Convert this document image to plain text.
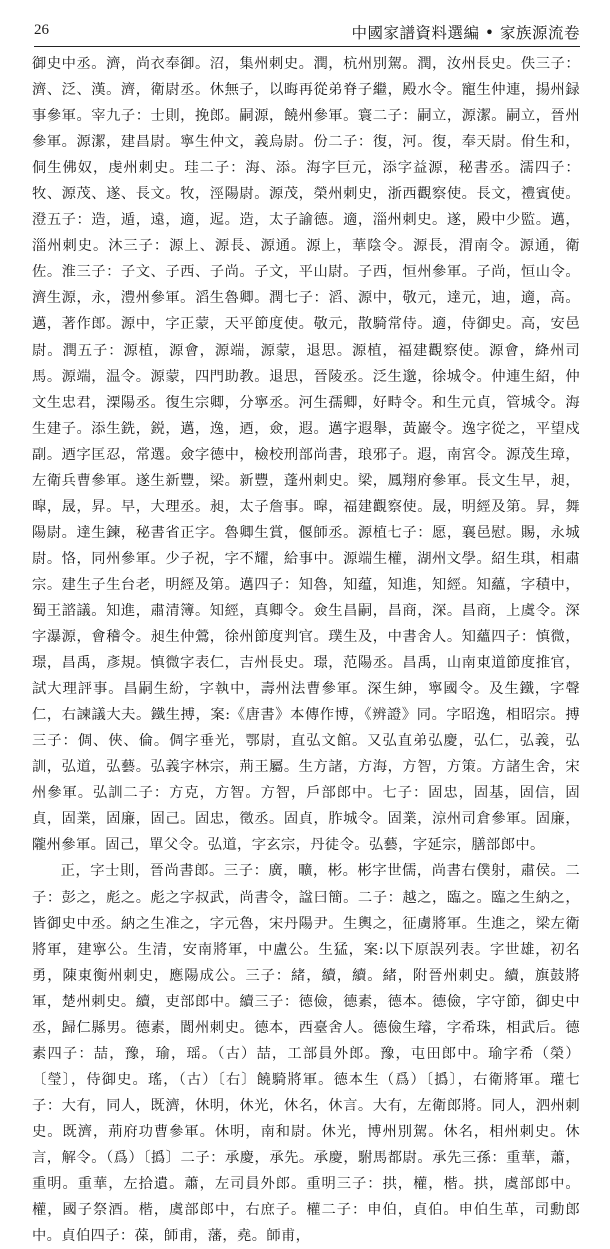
26	中國家譜資料選編 • 家族源流卷

御史中丞。濟，尚衣奉御。沼，集州刺史。潤，杭州別駕。潤，汝州長史。佚三子：濟、泛、漢。濟，衛尉丞。休無子，以晦再從弟脊子繼，殿水令。寵生仲連，揚州録事參軍。宰九子：士則，挽郎。嗣源，饒州參軍。寰二子：嗣立，源潔。嗣立，晉州參軍。源潔，建昌尉。寧生仲文，義烏尉。份二子：復，河。復，奉天尉。佾生和，侗生佛奴，虔州刺史。珪二子：海、添。海字巨元，添字益源，秘書丞。濡四子：牧、源茂、遂、長文。牧，涇陽尉。源茂，榮州刺史，浙西觀察使。長文，禮賓使。澄五子：造，遁，遠，適，迡。造，太子諭德。適，淄州刺史。遂，殿中少監。邁，淄州刺史。沐三子：源上、源長、源通。源上，華陰令。源長，渭南令。源通，衛佐。淮三子：子文、子西、子尚。子文，平山尉。子西，恒州參軍。子尚，恒山令。濟生源，永，澧州參軍。滔生魯卿。潤七子：滔、源中，敬元，達元，迪，適，高。邁，著作郎。源中，字正蒙，天平節度使。敬元，散騎常侍。適，侍御史。高，安邑尉。潤五子：源植，源會，源端，源蒙，退思。源植，福建觀察使。源會，絳州司馬。源端，温令。源蒙，四門助教。退思，晉陵丞。泛生邈，徐城令。仲連生紹，仲文生忠君，溧陽丞。復生宗卿，分寧丞。河生孺卿，好畤令。和生元貞，管城令。海生建子。添生銑，鋭，邁，逸，迺，僉，遐。邁字遐舉，黃巖令。逸字從之，平望戍副。迺字匡忍，常選。僉字德中，檢校刑部尚書，琅邪子。遐，南宮令。源茂生璋，左衛兵曹參軍。遂生新豐，梁。新豐，蓬州刺史。梁，鳳翔府參軍。長文生早，昶，暭，晟，昇。早，大理丞。昶，太子詹事。暭，福建觀察使。晟，明經及第。昇，舞陽尉。達生鍊，秘書省正字。魯卿生賞，偃師丞。源植七子：愿，襄邑慰。賜，永城尉。恪，同州參軍。少子祝，字不耀，給事中。源端生權，湖州文學。紹生琪，相肅宗。建生子生台老，明經及第。邁四子：知魯，知蕴，知進，知經。知蘊，字積中，蜀王諮議。知進，肅清簿。知經，真卿令。僉生昌嗣，昌商，深。昌商，上虞令。深字瀑源，會稽令。昶生仲鶯，徐州節度判官。璞生及，中書舍人。知蘊四子：慎微，璟，昌禹，彥規。慎微字表仁，吉州長史。璟，范陽丞。昌禹，山南東道節度推官，試大理評事。昌嗣生紛，字執中，壽州法曹參軍。深生紳，寧國令。及生鐵，字聲仁，右諫議大夫。鐵生搏，案:《唐書》本傳作博，《辨證》同。字昭逸，相昭宗。搏三子：倜、俠、倫。倜字垂光，鄂尉，直弘文館。又弘直弟弘慶，弘仁，弘義，弘訓，弘道，弘藝。弘義字林宗，荊王屬。生方諸，方海，方智，方策。方諸生舍，宋州參軍。弘訓二子：方克，方智。方智，戶部郎中。七子：固忠，固基，固信，固貞，固業，固廉，固己。固忠，徵丞。固貞，胙城令。固業，涼州司倉參軍。固廉，隴州參軍。固己，單父令。弘道，字玄宗，丹徒令。弘藝，字延宗，膳部郎中。

正，字士則，晉尚書郎。三子：廣，曠，彬。彬字世儒，尚書右僕射，肅侯。二子：彭之，彪之。彪之字叔武，尚書令，諡曰簡。二子：越之，臨之。臨之生納之，皆御史中丞。納之生准之，字元魯，宋丹陽尹。生輿之，征虜將軍。生進之，梁左衛將軍，建寧公。生清，安南將軍，中盧公。生猛，案:以下原誤列表。字世雄，初名勇，陳東衡州刺史，應陽成公。三子：緒，續，續。緒，附晉州刺史。續，旗鼓將軍，楚州刺史。續，吏部郎中。續三子：德儉，德素，德本。德儉，字守節，御史中丞，歸仁縣男。德素，閬州刺史。德本，西臺舍人。德儉生璿，字希珠，相武后。德素四子：喆，豫，瑜，瑶。（古）喆，工部員外郎。豫，屯田郎中。瑜字希（榮）〔瑩〕，侍御史。瑤，（古）〔右〕饒騎將軍。德本生（爲）〔撝〕，右衛將軍。瓘七子：大有，同人，既濟，休明，休光，休名，休言。大有，左衛郎將。同人，泗州刺史。既濟，荊府功曹參軍。休明，南和尉。休光，博州別駕。休名，相州刺史。休言，解令。（爲）〔撝〕二子：承慶，承先。承慶，駙馬都尉。承先三孫：重華，蕭，重明。重華，左拾遺。蕭，左司員外郎。重明三子：拱，權，楷。拱，虞部郎中。權，國子祭酒。楷，虞部郎中，右庶子。權二子：申伯，貞伯。申伯生革，司勳郎中。貞伯四子：葆，師甫，藩，堯。師甫，
